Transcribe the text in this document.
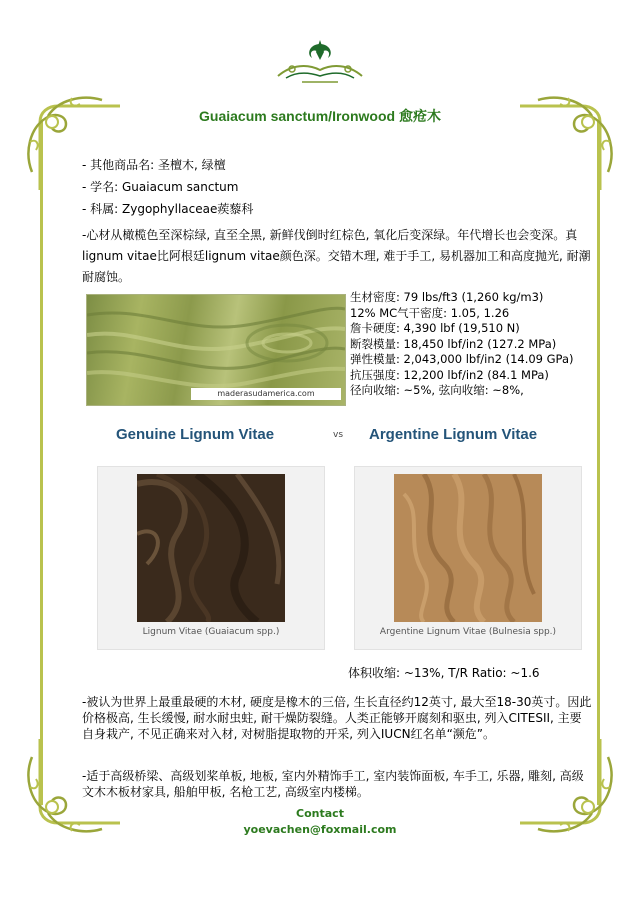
Guaiacum sanctum/Ironwood 愈疮木
- 其他商品名: 圣檀木, 绿檀
- 学名: Guaiacum sanctum
- 科属: Zygophyllaceae蒺藜科
-心材从橄榄色至深棕绿, 直至全黑, 新鲜伐倒时红棕色, 氧化后变深绿。年代增长也会变深。真lignum vitae比阿根廷lignum vitae颜色深。交错木理, 难于手工, 易机器加工和高度抛光, 耐潮耐腐蚀。
maderasudamerica.com
生材密度: 79 lbs/ft3 (1,260 kg/m3)
12% MC气干密度: 1.05, 1.26
詹卡硬度: 4,390 lbf (19,510 N)
断裂模量: 18,450 lbf/in2 (127.2 MPa)
弹性模量: 2,043,000 lbf/in2 (14.09 GPa)
抗压强度: 12,200 lbf/in2 (84.1 MPa)
径向收缩: ~5%, 弦向收缩: ~8%,
Genuine Lignum Vitae	vs Argentine Lignum Vitae
Lignum Vitae (Guaiacum spp.)	Argentine Lignum Vitae (Bulnesia spp.)
体积收缩: ~13%, T/R Ratio: ~1.6
-被认为世界上最重最硬的木材, 硬度是橡木的三倍, 生长直径约12英寸, 最大至18-30英寸。因此价格极高, 生长缓慢, 耐水耐虫蛀, 耐干燥防裂缝。人类正能够开腐刻和驱虫, 列入CITESII, 主要自身栽产, 不见正确来对入材, 对树脂提取物的开采, 列入IUCN红名单“濒危”。
-适于高级桥梁、高级划桨单板, 地板, 室内外精饰手工, 室内装饰面板, 车手工, 乐器, 雕刻, 高级文木木板材家具, 船舶甲板, 名枪工艺, 高级室内楼梯。
Contact
yoevachen@foxmail.com
